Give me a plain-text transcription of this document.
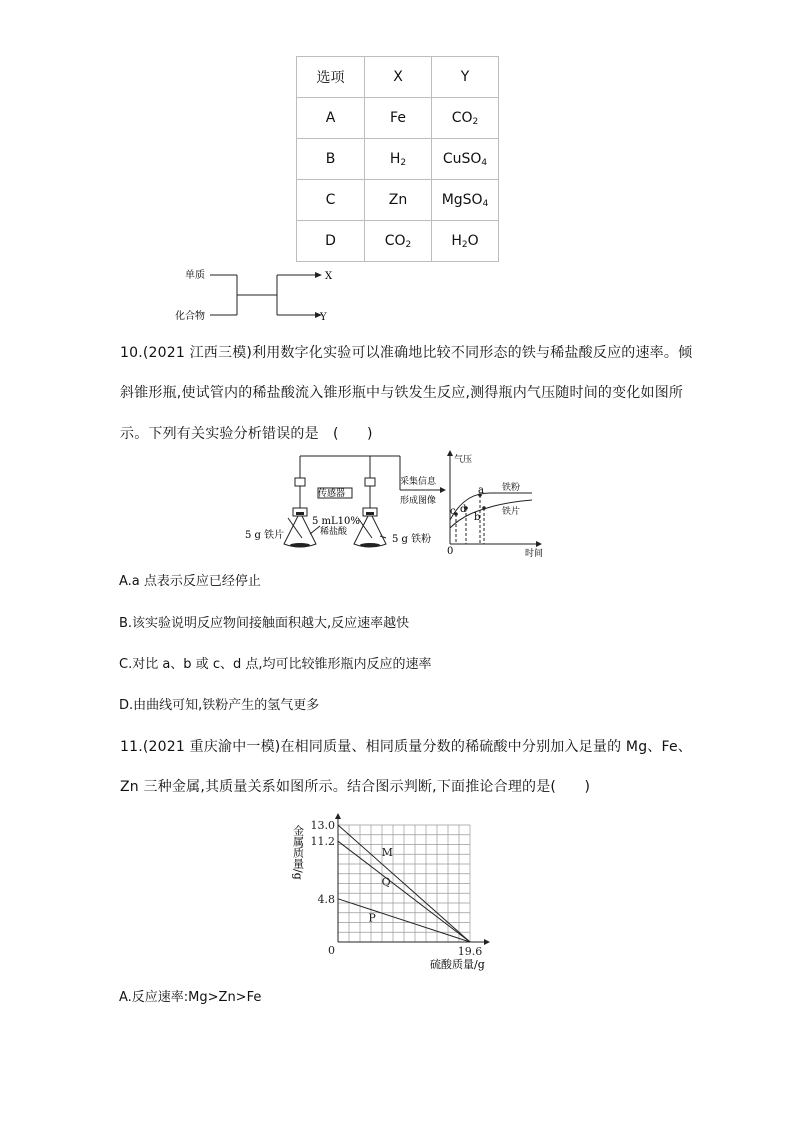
选项	X	Y
A	Fe	$CO_2$
B	$H_2$	CuSO$_4$
C	Zn	MgSO$_4$
D	$CO_2$	$H_2O$
单质
化合物
X
Y
10.(2021 江西三模)利用数字化实验可以准确地比较不同形态的铁与稀盐酸反应的速率。倾
斜锥形瓶,使试管内的稀盐酸流入锥形瓶中与铁发生反应,测得瓶内气压随时间的变化如图所
示。下列有关实验分析错误的是　(　　)
传感器
5 mL10%
稀盐酸
5 g 铁片	5 g 铁粉
采集信息
形成图像
气压
时间
0
铁粉
铁片
a
b
c d
A.a 点表示反应已经停止
B.该实验说明反应物间接触面积越大,反应速率越快
C.对比 a、b 或 c、d 点,均可比较锥形瓶内反应的速率
D.由曲线可知,铁粉产生的氢气更多
11.(2021 重庆渝中一模)在相同质量、相同质量分数的稀硫酸中分别加入足量的 Mg、Fe、
Zn 三种金属,其质量关系如图所示。结合图示判断,下面推论合理的是(　　)
13.0
11.2
4.8
0	19.6
金属质量/g
硫酸质量/g
M
Q
P
A.反应速率:Mg>Zn>Fe
